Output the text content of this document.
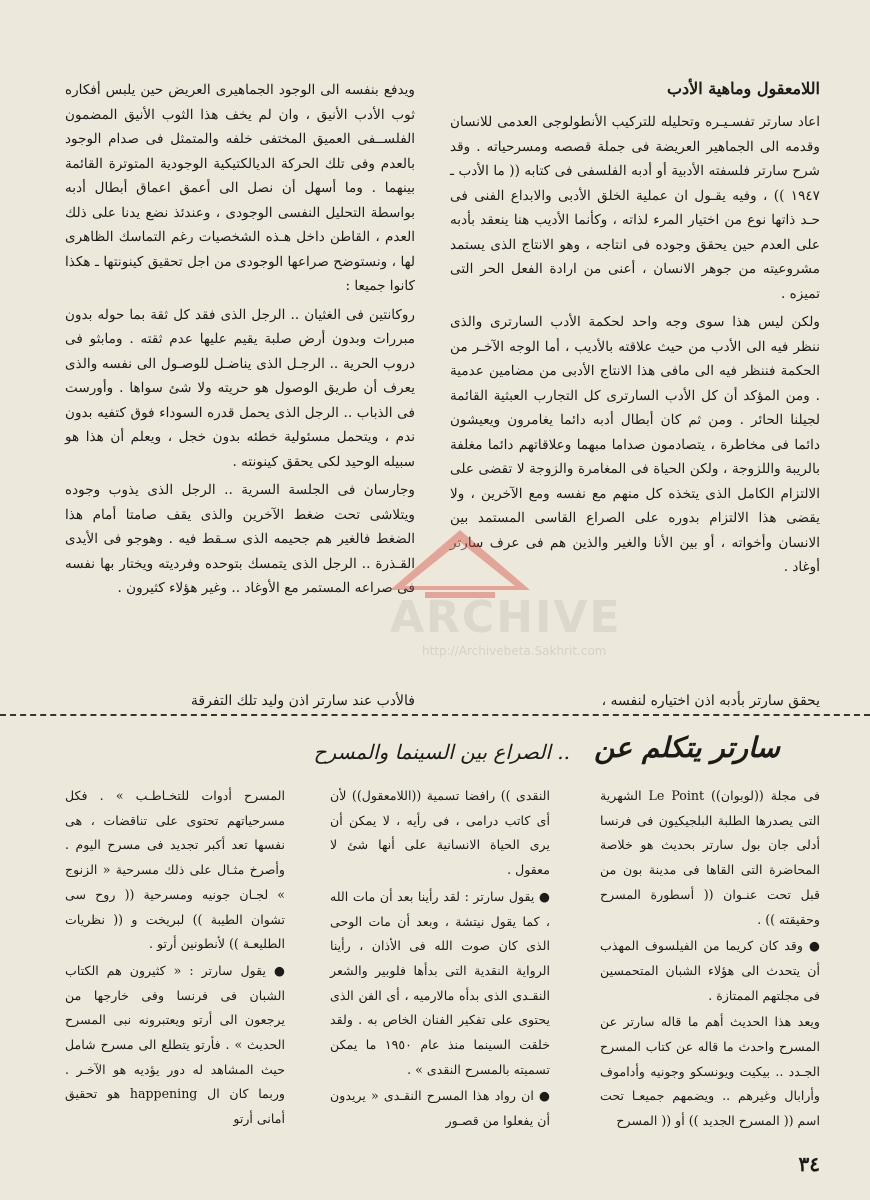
اللامعقول وماهية الأدب

اعاد سارتر تفسـيـره وتحليله للتركيب الأنطولوجى العدمى للانسان وقدمه الى الجماهير العريضة فى جملة قصصه ومسرحياته . وقد شرح سارتر فلسفته الأدبية أو أدبه الفلسفى فى كتابه (( ما الأدب ـ ١٩٤٧ )) ، وفيه يقـول ان عملية الخلق الأدبى والابداع الفنى فى حـد ذاتها نوع من اختيار المرء لذاته ، وكأنما الأديب هنا ينعقد بأدبه على العدم حين يحقق وجوده فى انتاجه ، وهو الانتاج الذى يستمد مشروعيته من جوهر الانسان ، أعنى من ارادة الفعل الحر التى تميزه .

ولكن ليس هذا سوى وجه واحد لحكمة الأدب السارترى والذى ننظر فيه الى الأدب من حيث علاقته بالأديب ، أما الوجه الآخـر من الحكمة فننظر فيه الى مافى هذا الانتاج الأدبى من مضامين عدمية . ومن المؤكد أن كل الأدب السارترى كل التجارب العبثية القائمة لجيلنا الحائر . ومن ثم كان أبطال أدبه دائما يغامرون ويعيشون دائما فى مخاطرة ، يتصادمون صداما مبهما وعلاقاتهم دائما مغلفة بالريبة واللزوجة ، ولكن الحياة فى المغامرة والزوجة لا تقضى على الالتزام الكامل الذى يتخذه كل منهم مع نفسه ومع الآخرين ، ولا يقضى هذا الالتزام بدوره على الصراع القاسى المستمد بين الانسان وأخواته ، أو بين الأنا والغير والذين هم فى عرف سارتر أوغاد .

ويدفع بنفسه الى الوجود الجماهيرى العريض حين يلبس أفكاره ثوب الأدب الأنيق ، وان لم يخف هذا الثوب الأنيق المضمون الفلســفى العميق المختفى خلفه والمتمثل فى صدام الوجود بالعدم وفى تلك الحركة الديالكتيكية الوجودية المتوترة القائمة بينهما . وما أسهل أن نصل الى أعمق اعماق أبطال أدبه بواسطة التحليل النفسى الوجودى ، وعندئذ نضع يدنا على ذلك العدم ، القاطن داخل هـذه الشخصيات رغم التماسك الظاهرى لها ، ونستوضح صراعها الوجودى من اجل تحقيق كينونتها ـ هكذا كانوا جميعا :

روكانتين فى الغثيان .. الرجل الذى فقد كل ثقة بما حوله بدون مبررات وبدون أرض صلبة يقيم عليها عدم ثقته . ومابثو فى دروب الحرية .. الرجـل الذى يناضـل للوصـول الى نفسه والذى يعرف أن طريق الوصول هو حريته ولا شئ سواها . وأورست فى الذباب .. الرجل الذى يحمل قدره السوداء فوق كتفيه بدون ندم ، ويتحمل مسئولية خطئه بدون خجل ، ويعلم أن هذا هو سبيله الوحيد لكى يحقق كينونته .

وجارسان فى الجلسة السرية .. الرجل الذى يذوب وجوده ويتلاشى تحت ضغط الآخرين والذى يقف صامتا أمام هذا الضغط فالغير هم جحيمه الذى سـقط فيه . وهوجو فى الأيدى القـذرة .. الرجل الذى يتمسك بتوحده وفرديته ويختار بها نفسه فى صراعه المستمر مع الأوغاد .. وغير هؤلاء كثيرون .

يحقق سارتر بأدبه اذن اختياره لنفسه ،
فالأدب عند سارتر اذن وليد تلك التفرقة
سارتر يتكلم عن
.. الصراع بين السينما والمسرح

فى مجلة ((لوبوان)) Le Point الشهرية التى يصدرها الطلبة البلجيكيون فى فرنسا أدلى جان بول سارتر بحديث هو خلاصة المحاضرة التى القاها فى مدينة بون من قبل تحت عنـوان (( أسطورة المسرح وحقيقته )) .

● وقد كان كريما من الفيلسوف المهذب أن يتحدث الى هؤلاء الشبان المتحمسين فى مجلتهم الممتازة .

ويعد هذا الحديث أهم ما قاله سارتر عن المسرح واحدث ما قاله عن كتاب المسرح الجـدد .. بيكيت ويونسكو وجونيه وأداموف وأرابال وغيرهم .. ويضمهم جميعـا تحت اسم (( المسرح الجديد )) أو (( المسرح

النقدى )) رافضا تسمية ((اللامعقول)) لأن أى كاتب درامى ، فى رأيه ، لا يمكن أن يرى الحياة الانسانية على أنها شئ لا معقول .

● يقول سارتر : لقد رأينا بعد أن مات الله ، كما يقول نيتشة ، وبعد أن مات الوحى الذى كان صوت الله فى الأذان ، رأينا الرواية النقدية التى بدأها فلوبير والشعر النقـدى الذى بدأه مالارميه ، أى الفن الذى يحتوى على تفكير الفنان الخاص به . ولقد خلقت السينما منذ عام ١٩٥٠ ما يمكن تسميته بالمسرح النقدى » .

● ان رواد هذا المسرح النقـدى « يريدون أن يفعلوا من قصـور

المسرح أدوات للتخـاطـب » . فكل مسرحياتهم تحتوى على تناقضات ، هى نفسها تعد أكبر تجديد فى مسرح اليوم . وأصرخ مثـال على ذلك مسرحية « الزنوج » لجـان جونيه ومسرحية (( روح سى تشوان الطيبة )) لبريخت و (( نظريات الطليعـة )) لأنطونين أرتو .

● يقول سارتر : « كثيرون هم الكتاب الشبان فى فرنسا وفى خارجها من يرجعون الى أرتو ويعتبرونه نبى المسرح الحديث » . فأرتو يتطلع الى مسرح شامل حيث المشاهد له دور يؤديه هو الآخـر . وربما كان ال happening هو تحقيق أمانى أرتو

٣٤
ARCHIVE
http://Archivebeta.Sakhrit.com
